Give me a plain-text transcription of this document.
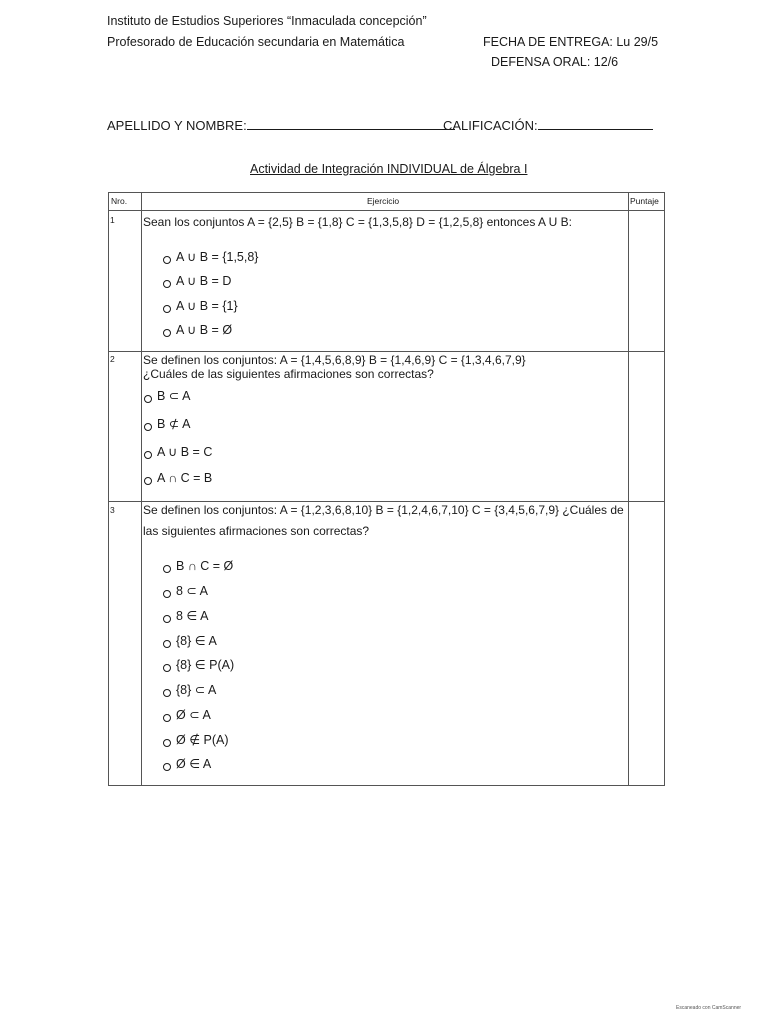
Instituto de Estudios Superiores “Inmaculada concepción”
Profesorado de Educación secundaria en Matemática	FECHA DE ENTREGA: Lu 29/5
DEFENSA ORAL: 12/6
APELLIDO Y NOMBRE:	CALIFICACIÓN:
Actividad de Integración INDIVIDUAL de Álgebra I
Nro.	Ejercicio	Puntaje
1 Sean los conjuntos A = {2,5} B = {1,8} C = {1,3,5,8} D = {1,2,5,8} entonces A U B:
A ∪ B = {1,5,8}
A ∪ B = D
A ∪ B = {1}
A ∪ B = Ø
2 Se definen los conjuntos: A = {1,4,5,6,8,9} B = {1,4,6,9} C = {1,3,4,6,7,9}
¿Cuáles de las siguientes afirmaciones son correctas?
B ⊂ A
B ⊄ A
A ∪ B = C
A ∩ C = B
3 Se definen los conjuntos: A = {1,2,3,6,8,10} B = {1,2,4,6,7,10} C = {3,4,5,6,7,9} ¿Cuáles de
las siguientes afirmaciones son correctas?
B ∩ C = Ø
8 ⊂ A
8 ∈ A
{8} ∈ A
{8} ∈ P(A)
{8} ⊂ A
Ø ⊂ A
Ø ∉ P(A)
Ø ∈ A
Escaneado con CamScanner
